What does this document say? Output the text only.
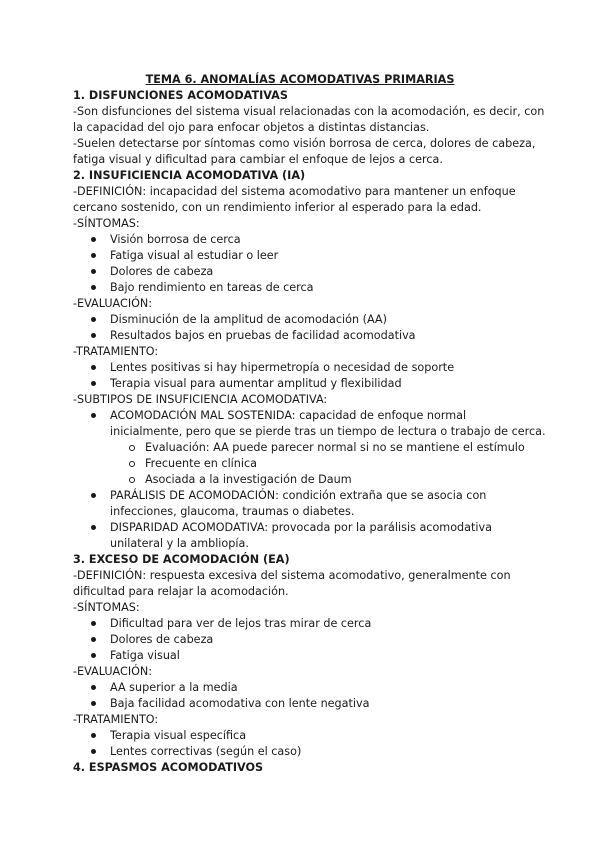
TEMA 6. ANOMALÍAS ACOMODATIVAS PRIMARIAS
1. DISFUNCIONES ACOMODATIVAS
-Son disfunciones del sistema visual relacionadas con la acomodación, es decir, con
la capacidad del ojo para enfocar objetos a distintas distancias.
-Suelen detectarse por síntomas como visión borrosa de cerca, dolores de cabeza,
fatiga visual y dificultad para cambiar el enfoque de lejos a cerca.
2. INSUFICIENCIA ACOMODATIVA (IA)
-DEFINICIÓN: incapacidad del sistema acomodativo para mantener un enfoque
cercano sostenido, con un rendimiento inferior al esperado para la edad.
-SÍNTOMAS:
Visión borrosa de cerca
Fatiga visual al estudiar o leer
Dolores de cabeza
Bajo rendimiento en tareas de cerca
-EVALUACIÓN:
Disminución de la amplitud de acomodación (AA)
Resultados bajos en pruebas de facilidad acomodativa
-TRATAMIENTO:
Lentes positivas si hay hipermetropía o necesidad de soporte
Terapia visual para aumentar amplitud y flexibilidad
-SUBTIPOS DE INSUFICIENCIA ACOMODATIVA:
ACOMODACIÓN MAL SOSTENIDA: capacidad de enfoque normal
inicialmente, pero que se pierde tras un tiempo de lectura o trabajo de cerca.
Evaluación: AA puede parecer normal si no se mantiene el estímulo
Frecuente en clínica
Asociada a la investigación de Daum
PARÁLISIS DE ACOMODACIÓN: condición extraña que se asocia con
infecciones, glaucoma, traumas o diabetes.
DISPARIDAD ACOMODATIVA: provocada por la parálisis acomodativa
unilateral y la ambliopía.
3. EXCESO DE ACOMODACIÓN (EA)
-DEFINICIÓN: respuesta excesiva del sistema acomodativo, generalmente con
dificultad para relajar la acomodación.
-SÍNTOMAS:
Dificultad para ver de lejos tras mirar de cerca
Dolores de cabeza
Fatiga visual
-EVALUACIÓN:
AA superior a la media
Baja facilidad acomodativa con lente negativa
-TRATAMIENTO:
Terapia visual específica
Lentes correctivas (según el caso)
4. ESPASMOS ACOMODATIVOS
